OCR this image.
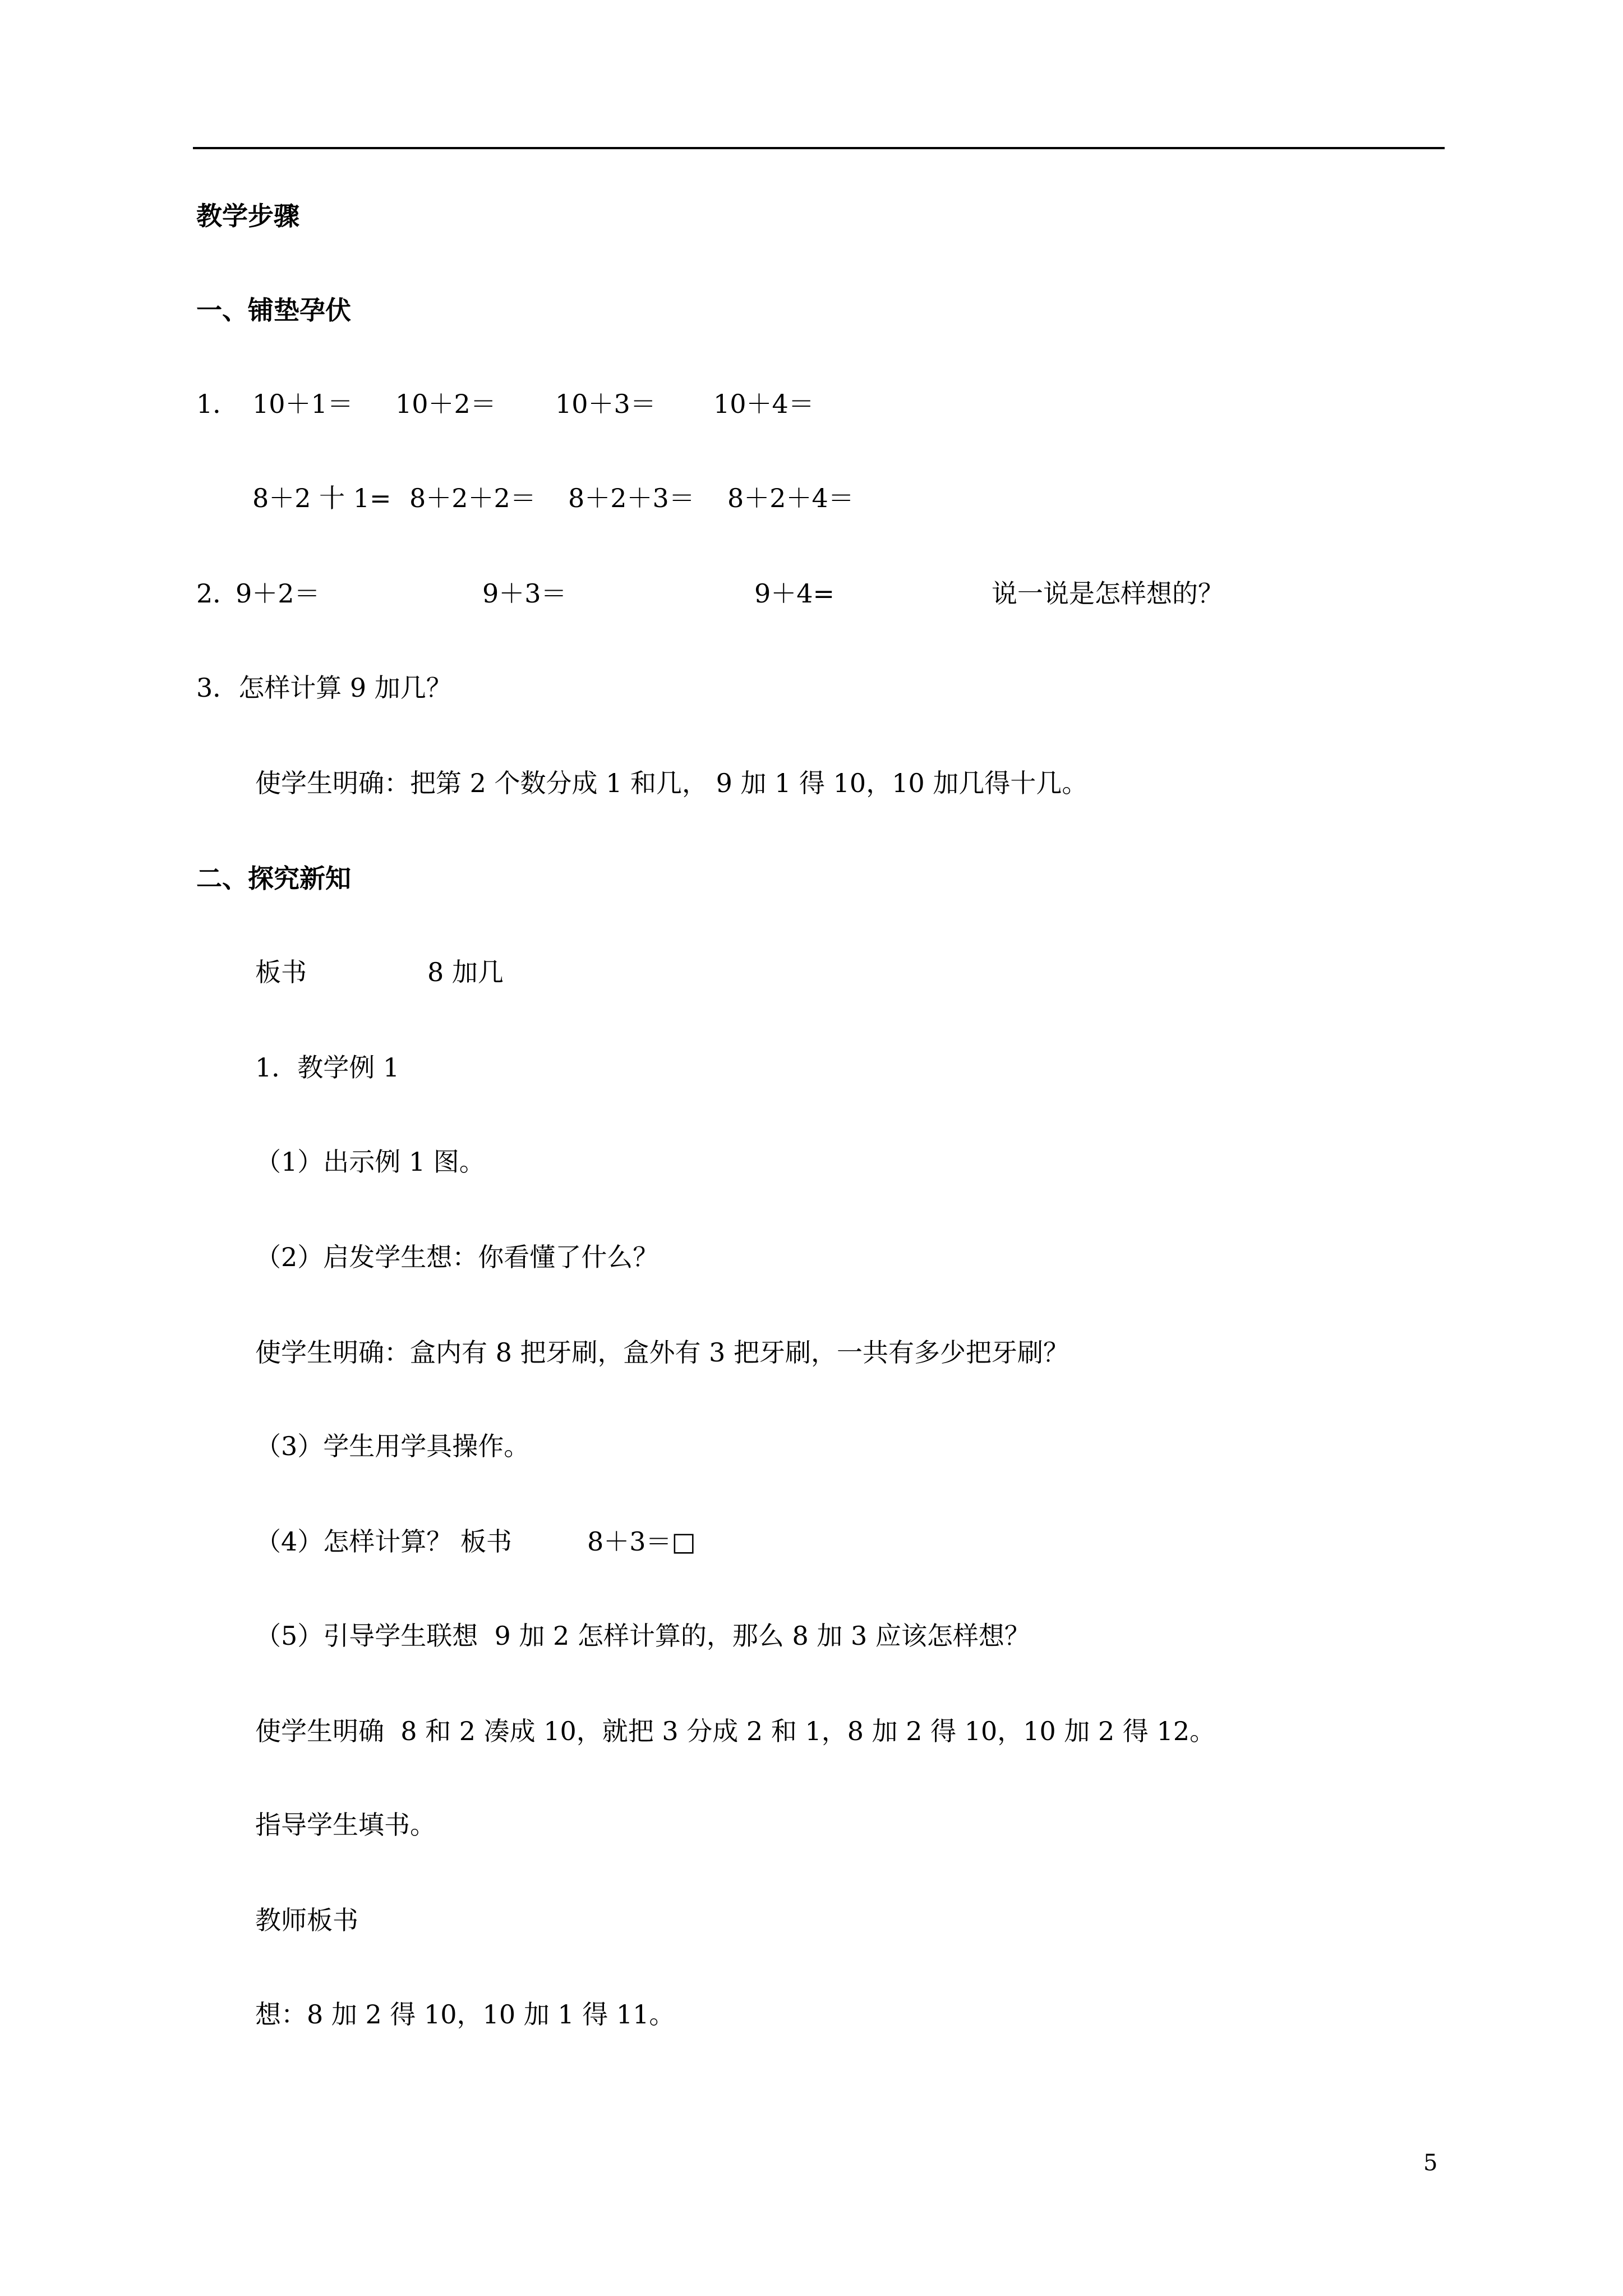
教学步骤
一、铺垫孕伏
1． 10＋1＝ 10＋2＝ 10＋3＝ 10＋4＝
8＋2 十 1= 8＋2＋2＝ 8＋2＋3＝ 8＋2＋4＝
2．
9＋2＝	9＋3＝	9＋4=	说一说是怎样想的？
3．怎样计算 9 加几？
使学生明确：把第 2 个数分成 1 和几， 9 加 1 得 10，10 加几得十几。
二、探究新知
板书	8 加几
1．教学例 1
（1）出示例 1 图。
（2）启发学生想：你看懂了什么？
使学生明确：盒内有 8 把牙刷，盒外有 3 把牙刷，一共有多少把牙刷？
（3）学生用学具操作。
（4）怎样计算？ 板书	8＋3＝□
（5）引导学生联想  9 加 2 怎样计算的，那么 8 加 3 应该怎样想？
使学生明确  8 和 2 凑成 10，就把 3 分成 2 和 1，8 加 2 得 10，10 加 2 得 12。
指导学生填书。
教师板书
想：8 加 2 得 10，10 加 1 得 11。
5
